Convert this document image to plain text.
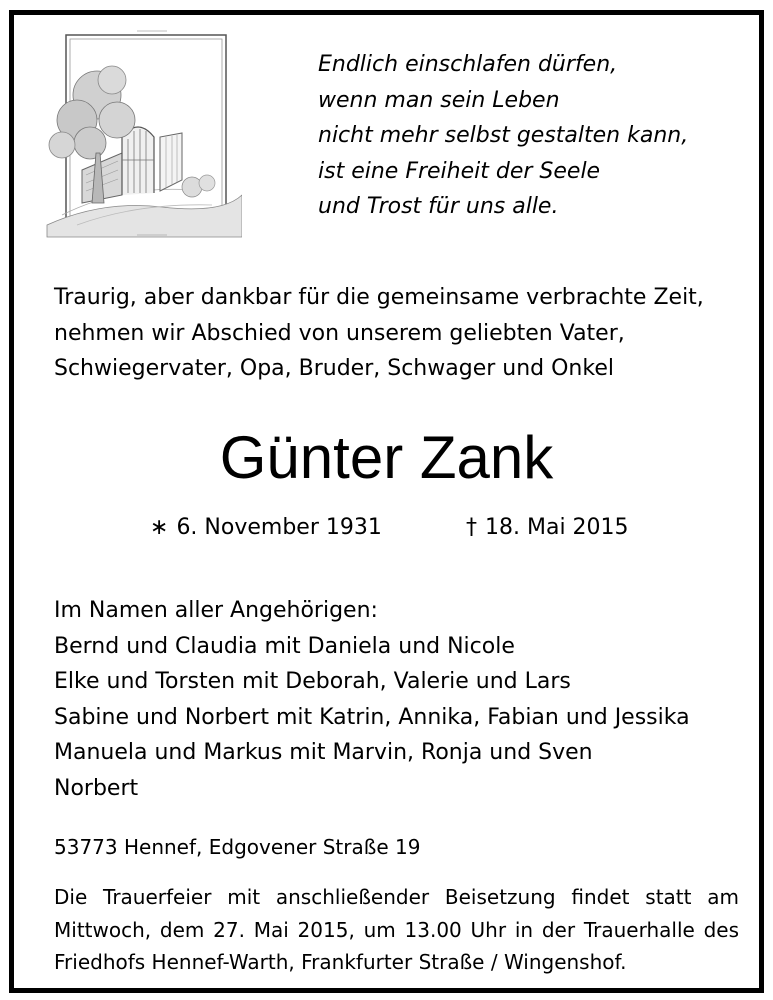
Endlich einschlafen dürfen,
wenn man sein Leben
nicht mehr selbst gestalten kann,
ist eine Freiheit der Seele
und Trost für uns alle.
Traurig, aber dankbar für die gemeinsame verbrachte Zeit,
nehmen wir Abschied von unserem geliebten Vater,
Schwiegervater, Opa, Bruder, Schwager und Onkel
Günter Zank
∗ 6. November 1931	† 18. Mai 2015
Im Namen aller Angehörigen:
Bernd und Claudia mit Daniela und Nicole
Elke und Torsten mit Deborah, Valerie und Lars
Sabine und Norbert mit Katrin, Annika, Fabian und Jessika
Manuela und Markus mit Marvin, Ronja und Sven
Norbert
53773 Hennef, Edgovener Straße 19
Die Trauerfeier mit anschließender Beisetzung findet statt am Mittwoch, dem 27. Mai 2015, um 13.00 Uhr in der Trauerhalle des Friedhofs Hennef-Warth, Frankfurter Straße / Wingenshof.
